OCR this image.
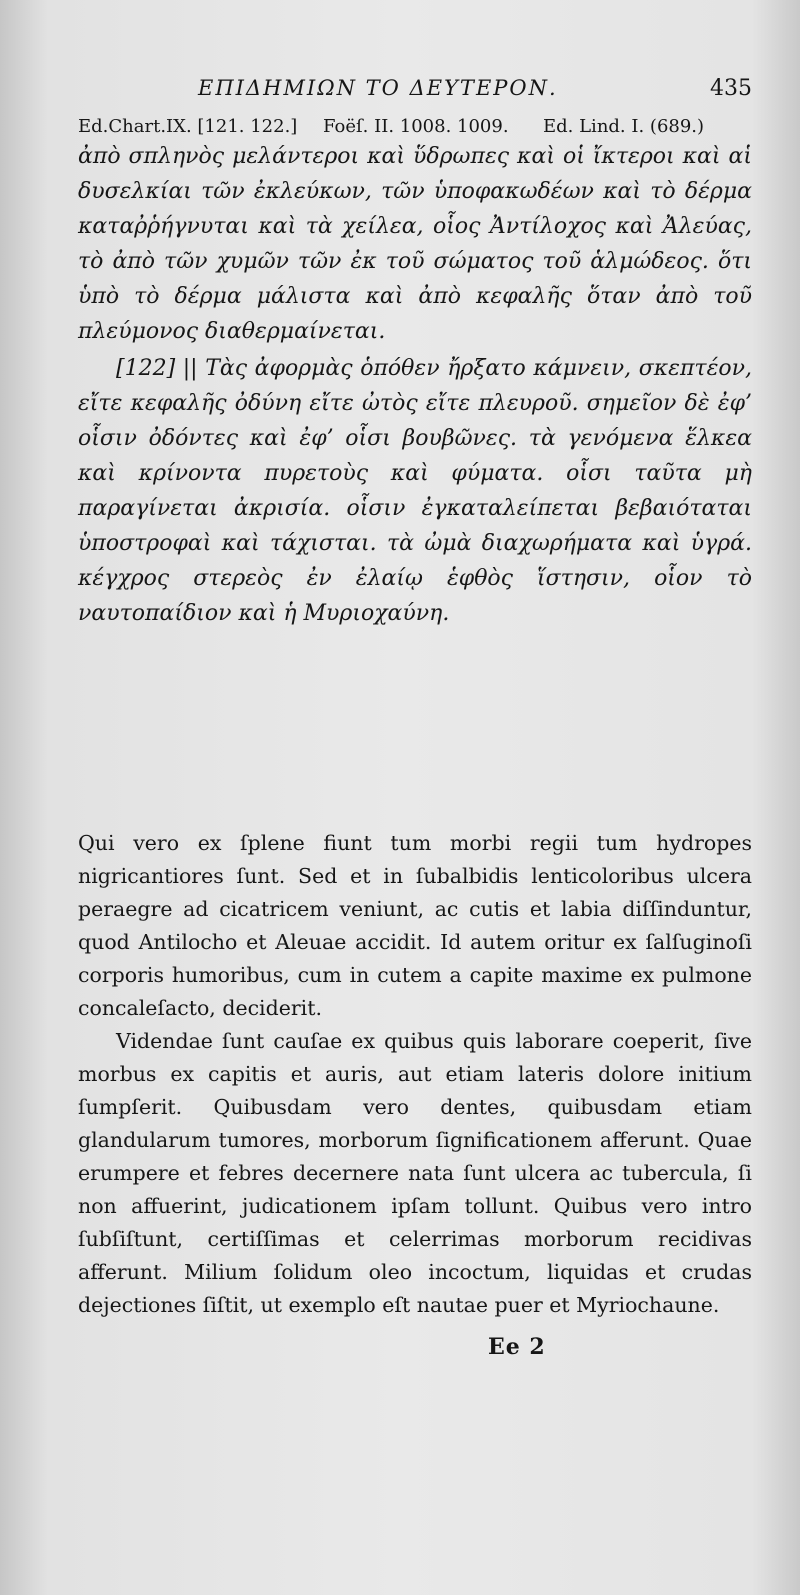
ΕΠΙΔΗΜΙΩΝ ΤΟ ΔΕΥΤΕΡΟΝ.	435
Ed.Chart.IX. [121. 122.] Foëſ. II. 1008. 1009. Ed. Lind. I. (689.)

ἀπὸ σπληνὸς μελάντεροι καὶ ὕδρωπες καὶ οἱ ἴκτεροι καὶ αἱ δυσελκίαι τῶν ἐκλεύκων, τῶν ὑποφακωδέων καὶ τὸ δέρμα καταῤῥήγνυται καὶ τὰ χείλεα, οἷος Ἀντίλοχος καὶ Ἀλεύας, τὸ ἀπὸ τῶν χυμῶν τῶν ἐκ τοῦ σώματος τοῦ ἁλμώδεος. ὅτι ὑπὸ τὸ δέρμα μάλιστα καὶ ἀπὸ κεφαλῆς ὅταν ἀπὸ τοῦ πλεύμονος διαθερμαίνεται.

[122] || Τὰς ἀφορμὰς ὁπόθεν ἤρξατο κάμνειν, σκεπτέον, εἴτε κεφαλῆς ὀδύνη εἴτε ὠτὸς εἴτε πλευροῦ. σημεῖον δὲ ἐφ’ οἷσιν ὀδόντες καὶ ἐφ’ οἷσι βουβῶνες. τὰ γενόμενα ἕλκεα καὶ κρίνοντα πυρετοὺς καὶ φύματα. οἷσι ταῦτα μὴ παραγίνεται ἀκρισία. οἷσιν ἐγκαταλείπεται βεβαιόταται ὑποστροφαὶ καὶ τάχισται. τὰ ὠμὰ διαχωρήματα καὶ ὑγρά. κέγχρος στερεὸς ἐν ἐλαίῳ ἑφθὸς ἵστησιν, οἷον τὸ ναυτοπαίδιον καὶ ἡ Μυριοχαύνη.

Qui vero ex ſplene fiunt tum morbi regii tum hydropes nigricantiores ſunt. Sed et in ſubalbidis lenticoloribus ulcera peraegre ad cicatricem veniunt, ac cutis et labia diſſinduntur, quod Antilocho et Aleuae accidit. Id autem oritur ex ſalſuginoſi corporis humoribus, cum in cutem a capite maxime ex pulmone concaleſacto, deciderit.

Videndae ſunt cauſae ex quibus quis laborare coeperit, ſive morbus ex capitis et auris, aut etiam lateris dolore initium ſumpſerit. Quibusdam vero dentes, quibusdam etiam glandularum tumores, morborum ſignificationem afferunt. Quae erumpere et febres decernere nata ſunt ulcera ac tubercula, ſi non affuerint, judicationem ipſam tollunt. Quibus vero intro ſubſiſtunt, certiſſimas et celerrimas morborum recidivas afferunt. Milium ſolidum oleo incoctum, liquidas et crudas dejectiones ſiſtit, ut exemplo eſt nautae puer et Myriochaune.

Ee 2
